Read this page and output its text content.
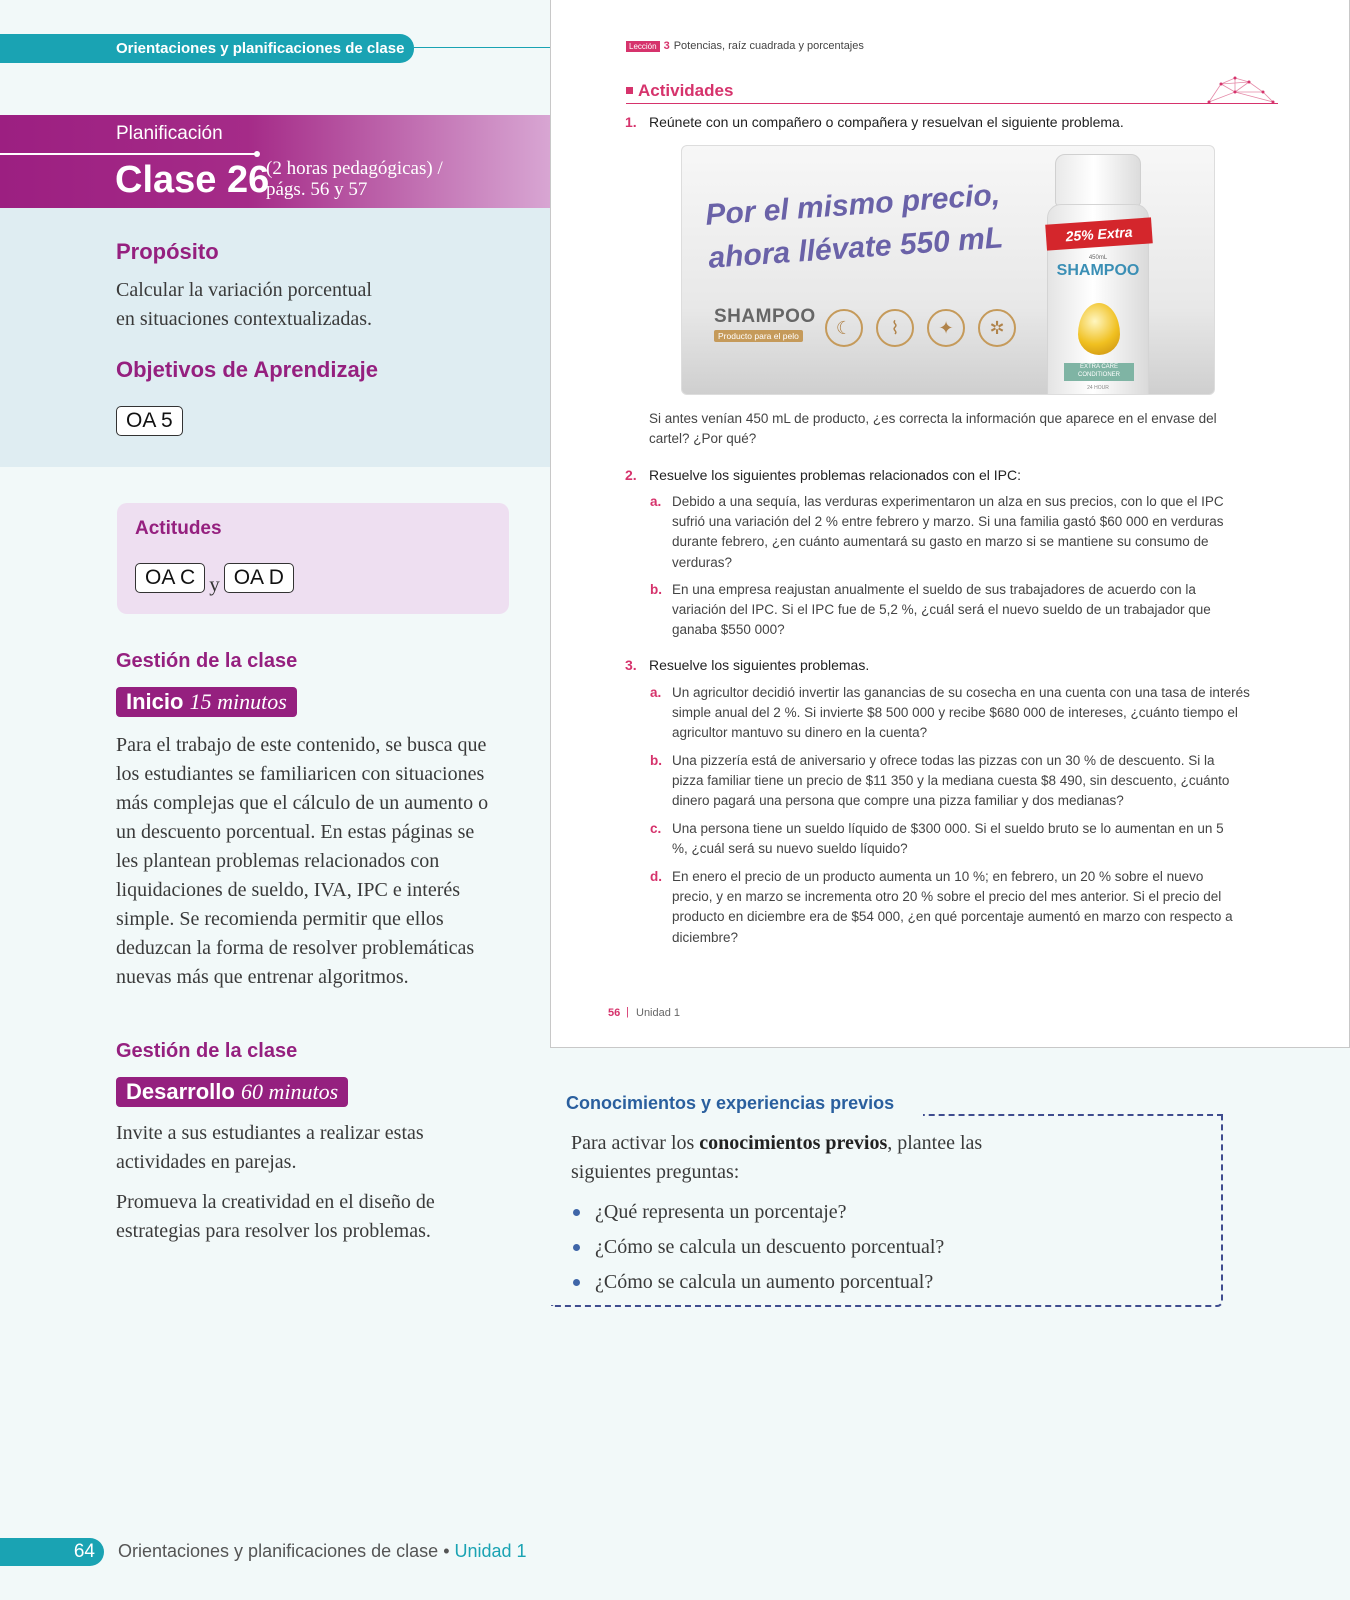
Orientaciones y planificaciones de clase
Planificación
Clase 26
(2 horas pedagógicas) /
págs. 56 y 57
Propósito
Calcular la variación porcentual
en situaciones contextualizadas.
Objetivos de Aprendizaje
OA 5
Actitudes
OA C y OA D
Gestión de la clase
Inicio 15 minutos
Para el trabajo de este contenido, se busca que los estudiantes se familiaricen con situaciones más complejas que el cálculo de un aumento o un descuento porcentual. En estas páginas se les plantean problemas relacionados con liquidaciones de sueldo, IVA, IPC e interés simple. Se recomienda permitir que ellos deduzcan la forma de resolver problemáticas nuevas más que entrenar algoritmos.
Gestión de la clase
Desarrollo 60 minutos
Invite a sus estudiantes a realizar estas actividades en parejas.
Promueva la creatividad en el diseño de estrategias para resolver los problemas.
Lección 3 Potencias, raíz cuadrada y porcentajes
Actividades
1. Reúnete con un compañero o compañera y resuelvan el siguiente problema.
Por el mismo precio,
ahora llévate 550 mL
SHAMPOO
Producto para el pelo	☾	⌇	✦	✲
25% Extra
450mL
SHAMPOO
EXTRA CARE CONDITIONER
24 HOUR
Si antes venían 450 mL de producto, ¿es correcta la información que aparece en el envase del cartel? ¿Por qué?
2. Resuelve los siguientes problemas relacionados con el IPC:
a. Debido a una sequía, las verduras experimentaron un alza en sus precios, con lo que el IPC sufrió una variación del 2 % entre febrero y marzo. Si una familia gastó $60 000 en verduras durante febrero, ¿en cuánto aumentará su gasto en marzo si se mantiene su consumo de verduras?
b. En una empresa reajustan anualmente el sueldo de sus trabajadores de acuerdo con la variación del IPC. Si el IPC fue de 5,2 %, ¿cuál será el nuevo sueldo de un trabajador que ganaba $550 000?
3. Resuelve los siguientes problemas.
a. Un agricultor decidió invertir las ganancias de su cosecha en una cuenta con una tasa de interés simple anual del 2 %. Si invierte $8 500 000 y recibe $680 000 de intereses, ¿cuánto tiempo el agricultor mantuvo su dinero en la cuenta?
b. Una pizzería está de aniversario y ofrece todas las pizzas con un 30 % de descuento. Si la pizza familiar tiene un precio de $11 350 y la mediana cuesta $8 490, sin descuento, ¿cuánto dinero pagará una persona que compre una pizza familiar y dos medianas?
c. Una persona tiene un sueldo líquido de $300 000. Si el sueldo bruto se lo aumentan en un 5 %, ¿cuál será su nuevo sueldo líquido?
d. En enero el precio de un producto aumenta un 10 %; en febrero, un 20 % sobre el nuevo precio, y en marzo se incrementa otro 20 % sobre el precio del mes anterior. Si el precio del producto en diciembre era de $54 000, ¿en qué porcentaje aumentó en marzo con respecto a diciembre?
56 | Unidad 1
Conocimientos y experiencias previos
Para activar los conocimientos previos, plantee las siguientes preguntas:
¿Qué representa un porcentaje?
¿Cómo se calcula un descuento porcentual?
¿Cómo se calcula un aumento porcentual?
64	Orientaciones y planificaciones de clase • Unidad 1
